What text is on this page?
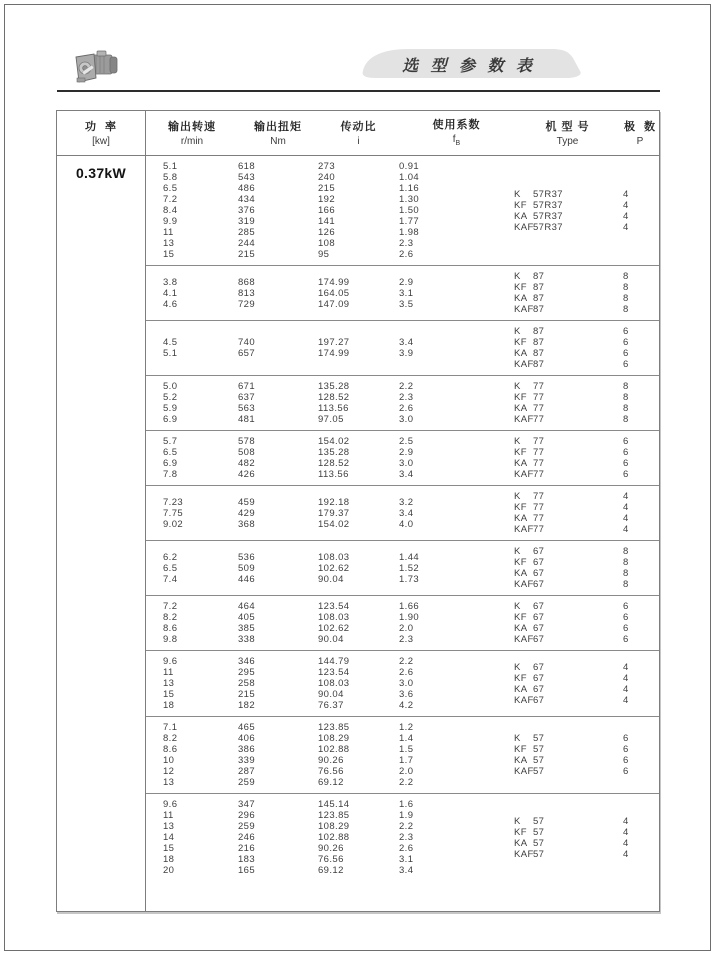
选 型 参 数 表
功  率
[kw]
输出转速
r/min
输出扭矩
Nm
传动比
i
使用系数
$f_B$
机 型 号
Type
极  数
P
0.37kW	5.1
5.8
6.5
7.2
8.4
9.9
11
13
15
618
543
486
434
376
319
285
244
215
273
240
215
192
166
141
126
108
95
0.91
1.04
1.16
1.30
1.50
1.77
1.98
2.3
2.6
K 57R37
KF 57R37
KA 57R37
KAF57R37
4
4
4
4
3.8
4.1
4.6
868
813
729
174.99
164.05
147.09
2.9
3.1
3.5
K 87
KF 87
KA 87
KAF87
8
8
8
8
4.5
5.1
740
657
197.27
174.99
3.4
3.9
K 87
KF 87
KA 87
KAF87
6
6
6
6
5.0
5.2
5.9
6.9
671
637
563
481
135.28
128.52
113.56
97.05
2.2
2.3
2.6
3.0
K 77
KF 77
KA 77
KAF77
8
8
8
8
5.7
6.5
6.9
7.8
578
508
482
426
154.02
135.28
128.52
113.56
2.5
2.9
3.0
3.4
K 77
KF 77
KA 77
KAF77
6
6
6
6
7.23
7.75
9.02
459
429
368
192.18
179.37
154.02
3.2
3.4
4.0
K 77
KF 77
KA 77
KAF77
4
4
4
4
6.2
6.5
7.4
536
509
446
108.03
102.62
90.04
1.44
1.52
1.73
K 67
KF 67
KA 67
KAF67
8
8
8
8
7.2
8.2
8.6
9.8
464
405
385
338
123.54
108.03
102.62
90.04
1.66
1.90
2.0
2.3
K 67
KF 67
KA 67
KAF67
6
6
6
6
9.6
11
13
15
18
346
295
258
215
182
144.79
123.54
108.03
90.04
76.37
2.2
2.6
3.0
3.6
4.2
K 67
KF 67
KA 67
KAF67
4
4
4
4
7.1
8.2
8.6
10
12
13
465
406
386
339
287
259
123.85
108.29
102.88
90.26
76.56
69.12
1.2
1.4
1.5
1.7
2.0
2.2
K 57
KF 57
KA 57
KAF57
6
6
6
6
9.6
11
13
14
15
18
20
347
296
259
246
216
183
165
145.14
123.85
108.29
102.88
90.26
76.56
69.12
1.6
1.9
2.2
2.3
2.6
3.1
3.4
K 57
KF 57
KA 57
KAF57
4
4
4
4
